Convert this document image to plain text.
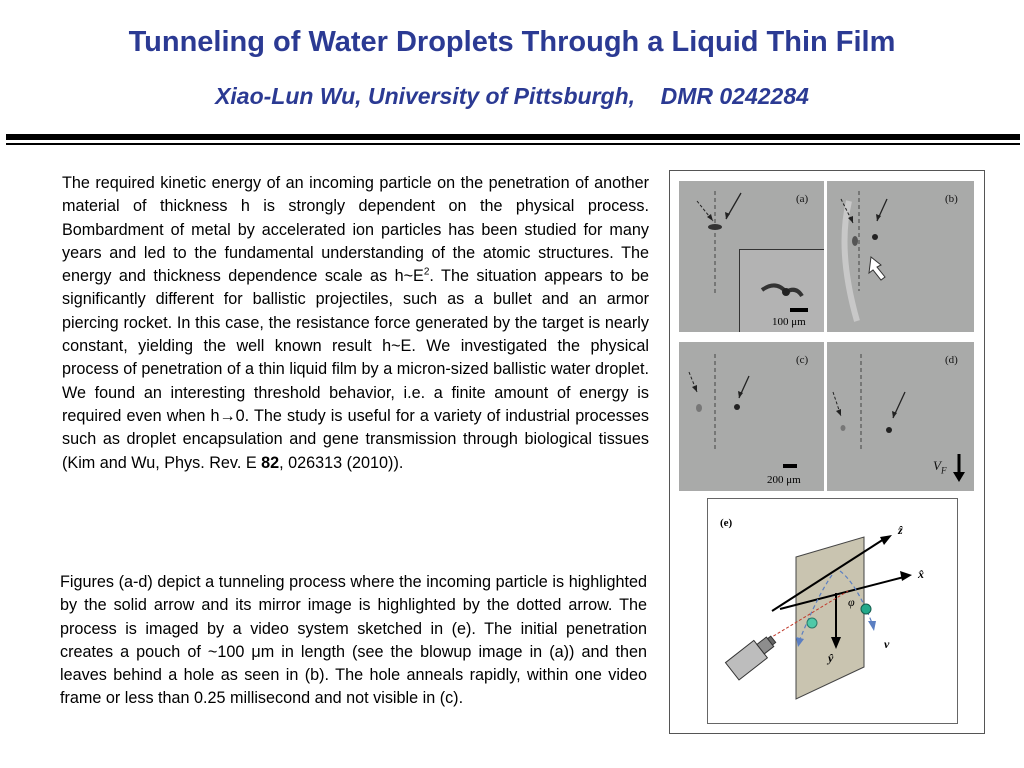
Tunneling of Water Droplets Through a Liquid Thin Film
Xiao-Lun Wu, University of Pittsburgh,    DMR 0242284

The required kinetic energy of an incoming particle on the penetration of another material of thickness h is strongly dependent on the physical process. Bombardment of metal by accelerated ion particles has been studied for many years and led to the fundamental understanding of the atomic structures. The energy and thickness dependence scale as $h\sim E^2$. The situation appears to be significantly different for ballistic projectiles, such as a bullet and an armor piercing rocket. In this case, the resistance force generated by the target is nearly constant, yielding the well known result h~E. We investigated the physical process of penetration of a thin liquid film by a micron-sized ballistic water droplet. We found an interesting threshold behavior, i.e. a finite amount of energy is required even when h→0. The study is useful for a variety of industrial processes such as droplet encapsulation and gene transmission through biological tissues (Kim and Wu, Phys. Rev. E 82, 026313 (2010)).

Figures (a-d) depict a tunneling process where the incoming particle is highlighted by the solid arrow and its mirror image is highlighted by the dotted arrow. The process is imaged by a video system sketched in (e). The initial penetration creates a pouch of ~100 μm in length (see the blowup image in (a)) and then leaves behind a hole as seen in (b). The hole anneals rapidly, within one video frame or less than 0.25 millisecond and not visible in (c).

(a)
100 μm
(b)
(c)
200 μm
(d)
$V_F$
(e)	ẑ
x̂
ŷ
v⃗
φ
